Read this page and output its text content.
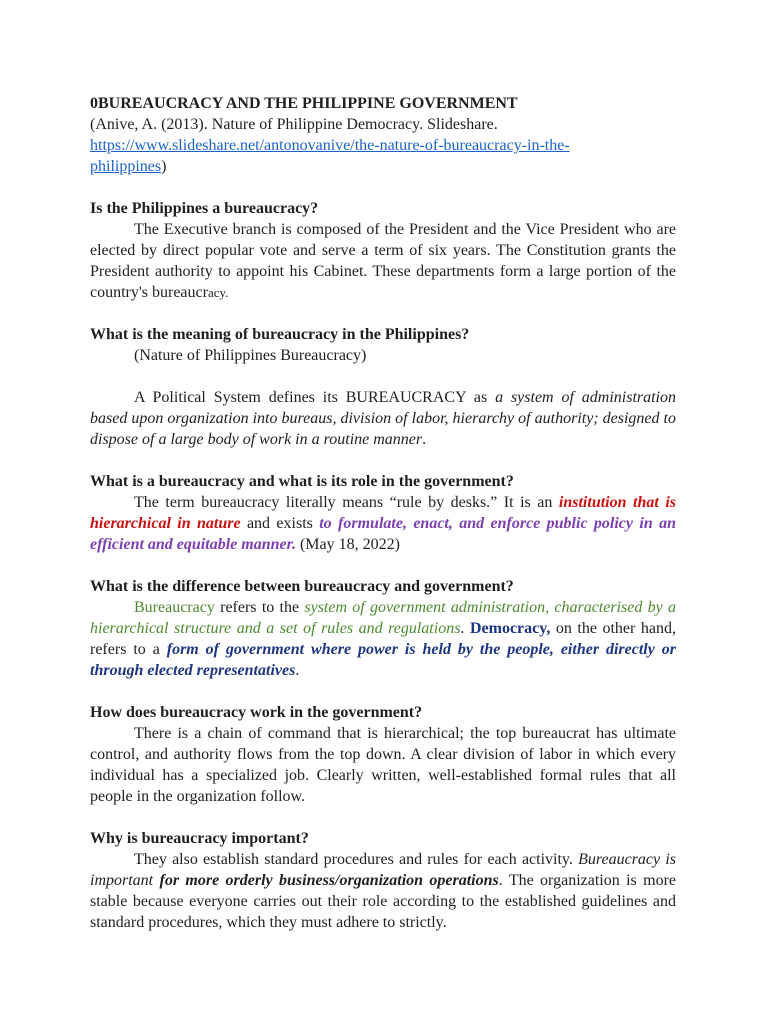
0BUREAUCRACY AND THE PHILIPPINE GOVERNMENT
(Anive, A. (2013). Nature of Philippine Democracy. Slideshare.
https://www.slideshare.net/antonovanive/the-nature-of-bureaucracy-in-the-
philippines)
Is the Philippines a bureaucracy?

The Executive branch is composed of the President and the Vice President who are elected by direct popular vote and serve a term of six years. The Constitution grants the President authority to appoint his Cabinet. These departments form a large portion of the country's bureaucracy.

What is the meaning of bureaucracy in the Philippines?

(Nature of Philippines Bureaucracy)

A Political System defines its BUREAUCRACY as a system of administration based upon organization into bureaus, division of labor, hierarchy of authority; designed to dispose of a large body of work in a routine manner.

What is a bureaucracy and what is its role in the government?

The term bureaucracy literally means “rule by desks.” It is an institution that is hierarchical in nature and exists to formulate, enact, and enforce public policy in an efficient and equitable manner. (May 18, 2022)

What is the difference between bureaucracy and government?

Bureaucracy refers to the system of government administration, characterised by a hierarchical structure and a set of rules and regulations. Democracy, on the other hand, refers to a form of government where power is held by the people, either directly or through elected representatives.

How does bureaucracy work in the government?

There is a chain of command that is hierarchical; the top bureaucrat has ultimate control, and authority flows from the top down. A clear division of labor in which every individual has a specialized job. Clearly written, well-established formal rules that all people in the organization follow.

Why is bureaucracy important?

They also establish standard procedures and rules for each activity. Bureaucracy is important for more orderly business/organization operations. The organization is more stable because everyone carries out their role according to the established guidelines and standard procedures, which they must adhere to strictly.
